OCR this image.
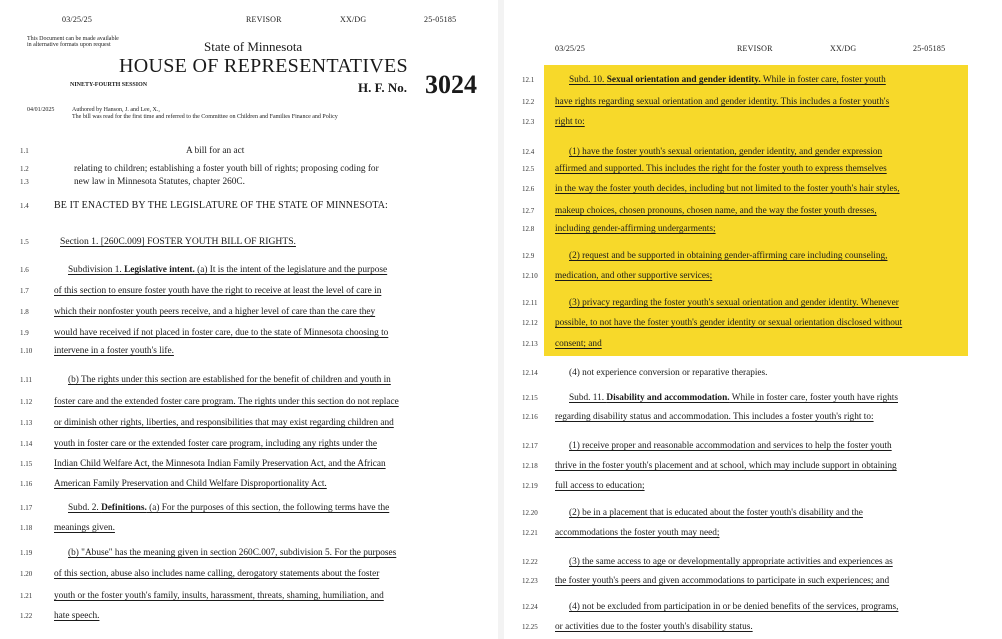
03/25/25	REVISOR	XX/DG	25-05185
This Document can be made available
in alternative formats upon request	State of Minnesota
HOUSE OF REPRESENTATIVES
NINETY-FOURTH SESSION	H. F. No. 3024
04/01/2025	Authored by Hanson, J. and Lee, X.,
The bill was read for the first time and referred to the Committee on Children and Families Finance and Policy
1.1	A bill for an act
1.2	relating to children; establishing a foster youth bill of rights; proposing coding for
1.3	new law in Minnesota Statutes, chapter 260C.
1.4	BE IT ENACTED BY THE LEGISLATURE OF THE STATE OF MINNESOTA:
1.5	Section 1. [260C.009] FOSTER YOUTH BILL OF RIGHTS.
1.6	Subdivision 1. Legislative intent. (a) It is the intent of the legislature and the purpose
1.7	of this section to ensure foster youth have the right to receive at least the level of care in
1.8	which their nonfoster youth peers receive, and a higher level of care than the care they
1.9	would have received if not placed in foster care, due to the state of Minnesota choosing to
1.10 intervene in a foster youth's life.
1.11	(b) The rights under this section are established for the benefit of children and youth in
1.12 foster care and the extended foster care program. The rights under this section do not replace
1.13 or diminish other rights, liberties, and responsibilities that may exist regarding children and
1.14 youth in foster care or the extended foster care program, including any rights under the
1.15 Indian Child Welfare Act, the Minnesota Indian Family Preservation Act, and the African
1.16 American Family Preservation and Child Welfare Disproportionality Act.
1.17	Subd. 2. Definitions. (a) For the purposes of this section, the following terms have the
1.18 meanings given.
1.19	(b) "Abuse" has the meaning given in section 260C.007, subdivision 5. For the purposes
1.20 of this section, abuse also includes name calling, derogatory statements about the foster
1.21 youth or the foster youth's family, insults, harassment, threats, shaming, humiliation, and
1.22 hate speech.
03/25/25	REVISOR	XX/DG	25-05185
12.1	Subd. 10. Sexual orientation and gender identity. While in foster care, foster youth
12.2 have rights regarding sexual orientation and gender identity. This includes a foster youth's
12.3 right to:
12.4	(1) have the foster youth's sexual orientation, gender identity, and gender expression
12.5 affirmed and supported. This includes the right for the foster youth to express themselves
12.6 in the way the foster youth decides, including but not limited to the foster youth's hair styles,
12.7 makeup choices, chosen pronouns, chosen name, and the way the foster youth dresses,
12.8 including gender-affirming undergarments;
12.9	(2) request and be supported in obtaining gender-affirming care including counseling,
12.10 medication, and other supportive services;
12.11	(3) privacy regarding the foster youth's sexual orientation and gender identity. Whenever
12.12 possible, to not have the foster youth's gender identity or sexual orientation disclosed without
12.13 consent; and
12.14	(4) not experience conversion or reparative therapies.
12.15	Subd. 11. Disability and accommodation. While in foster care, foster youth have rights
12.16 regarding disability status and accommodation. This includes a foster youth's right to:
12.17	(1) receive proper and reasonable accommodation and services to help the foster youth
12.18 thrive in the foster youth's placement and at school, which may include support in obtaining
12.19 full access to education;
12.20	(2) be in a placement that is educated about the foster youth's disability and the
12.21 accommodations the foster youth may need;
12.22	(3) the same access to age or developmentally appropriate activities and experiences as
12.23 the foster youth's peers and given accommodations to participate in such experiences; and
12.24	(4) not be excluded from participation in or be denied benefits of the services, programs,
12.25 or activities due to the foster youth's disability status.
